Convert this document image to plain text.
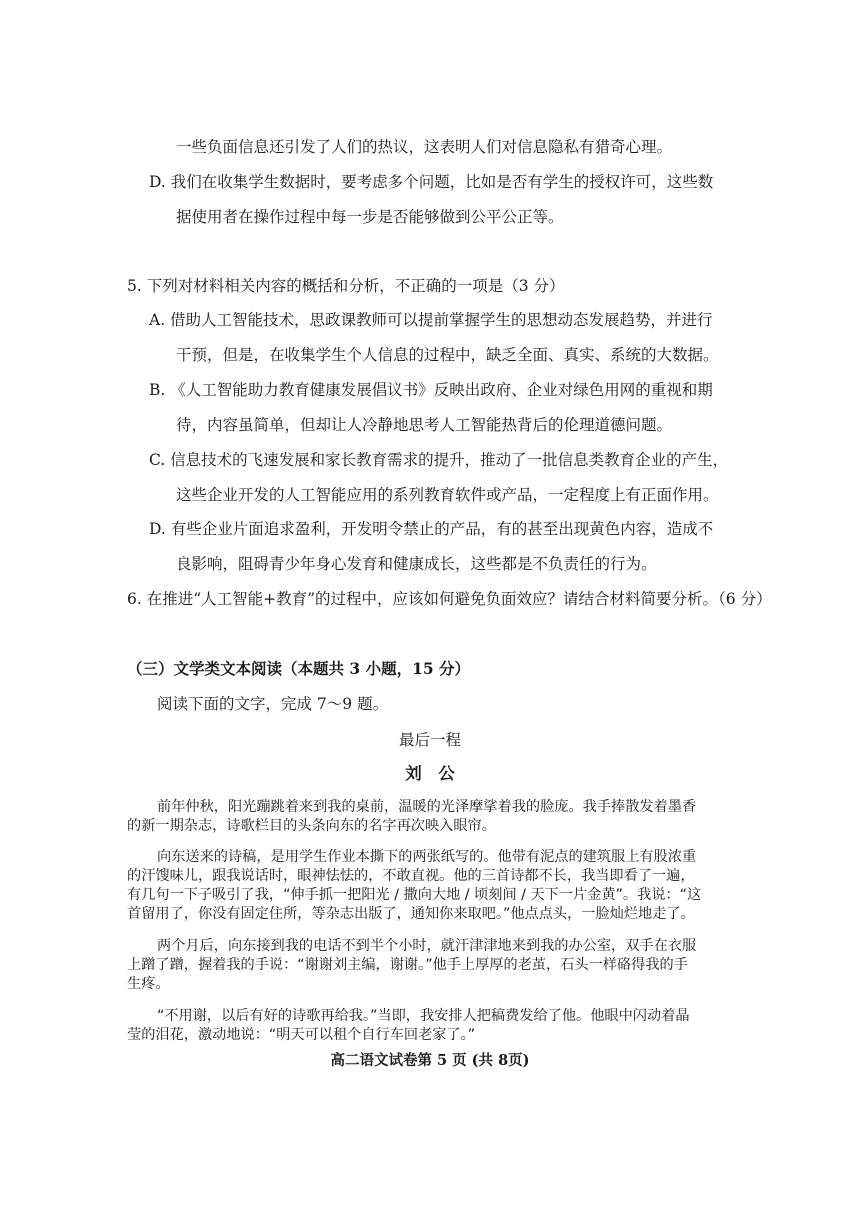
一些负面信息还引发了人们的热议，这表明人们对信息隐私有猎奇心理。
D. 我们在收集学生数据时，要考虑多个问题，比如是否有学生的授权许可，这些数
据使用者在操作过程中每一步是否能够做到公平公正等。
5. 下列对材料相关内容的概括和分析，不正确的一项是（3 分）
A. 借助人工智能技术，思政课教师可以提前掌握学生的思想动态发展趋势，并进行
干预，但是，在收集学生个人信息的过程中，缺乏全面、真实、系统的大数据。
B. 《人工智能助力教育健康发展倡议书》反映出政府、企业对绿色用网的重视和期
待，内容虽简单，但却让人冷静地思考人工智能热背后的伦理道德问题。
C. 信息技术的飞速发展和家长教育需求的提升，推动了一批信息类教育企业的产生，
这些企业开发的人工智能应用的系列教育软件或产品，一定程度上有正面作用。
D. 有些企业片面追求盈利，开发明令禁止的产品，有的甚至出现黄色内容，造成不
良影响，阻碍青少年身心发育和健康成长，这些都是不负责任的行为。
6. 在推进“人工智能+教育”的过程中，应该如何避免负面效应？请结合材料简要分析。（6 分）
（三）文学类文本阅读（本题共 3 小题，15 分）
阅读下面的文字，完成 7～9 题。
最后一程
刘　公
前年仲秋，阳光蹦跳着来到我的桌前，温暖的光泽摩挲着我的脸庞。我手捧散发着墨香
的新一期杂志，诗歌栏目的头条向东的名字再次映入眼帘。
向东送来的诗稿，是用学生作业本撕下的两张纸写的。他带有泥点的建筑服上有股浓重
的汗馊味儿，跟我说话时，眼神怯怯的，不敢直视。他的三首诗都不长，我当即看了一遍，
有几句一下子吸引了我，“伸手抓一把阳光 / 撒向大地 / 顷刻间 / 天下一片金黄”。我说：“这
首留用了，你没有固定住所，等杂志出版了，通知你来取吧。”他点点头，一脸灿烂地走了。
两个月后，向东接到我的电话不到半个小时，就汗津津地来到我的办公室，双手在衣服
上蹭了蹭，握着我的手说：“谢谢刘主编，谢谢。”他手上厚厚的老茧，石头一样硌得我的手
生疼。
“不用谢，以后有好的诗歌再给我。”当即，我安排人把稿费发给了他。他眼中闪动着晶
莹的泪花，激动地说：“明天可以租个自行车回老家了。”
高二语文试卷第 5 页 (共 8页)
